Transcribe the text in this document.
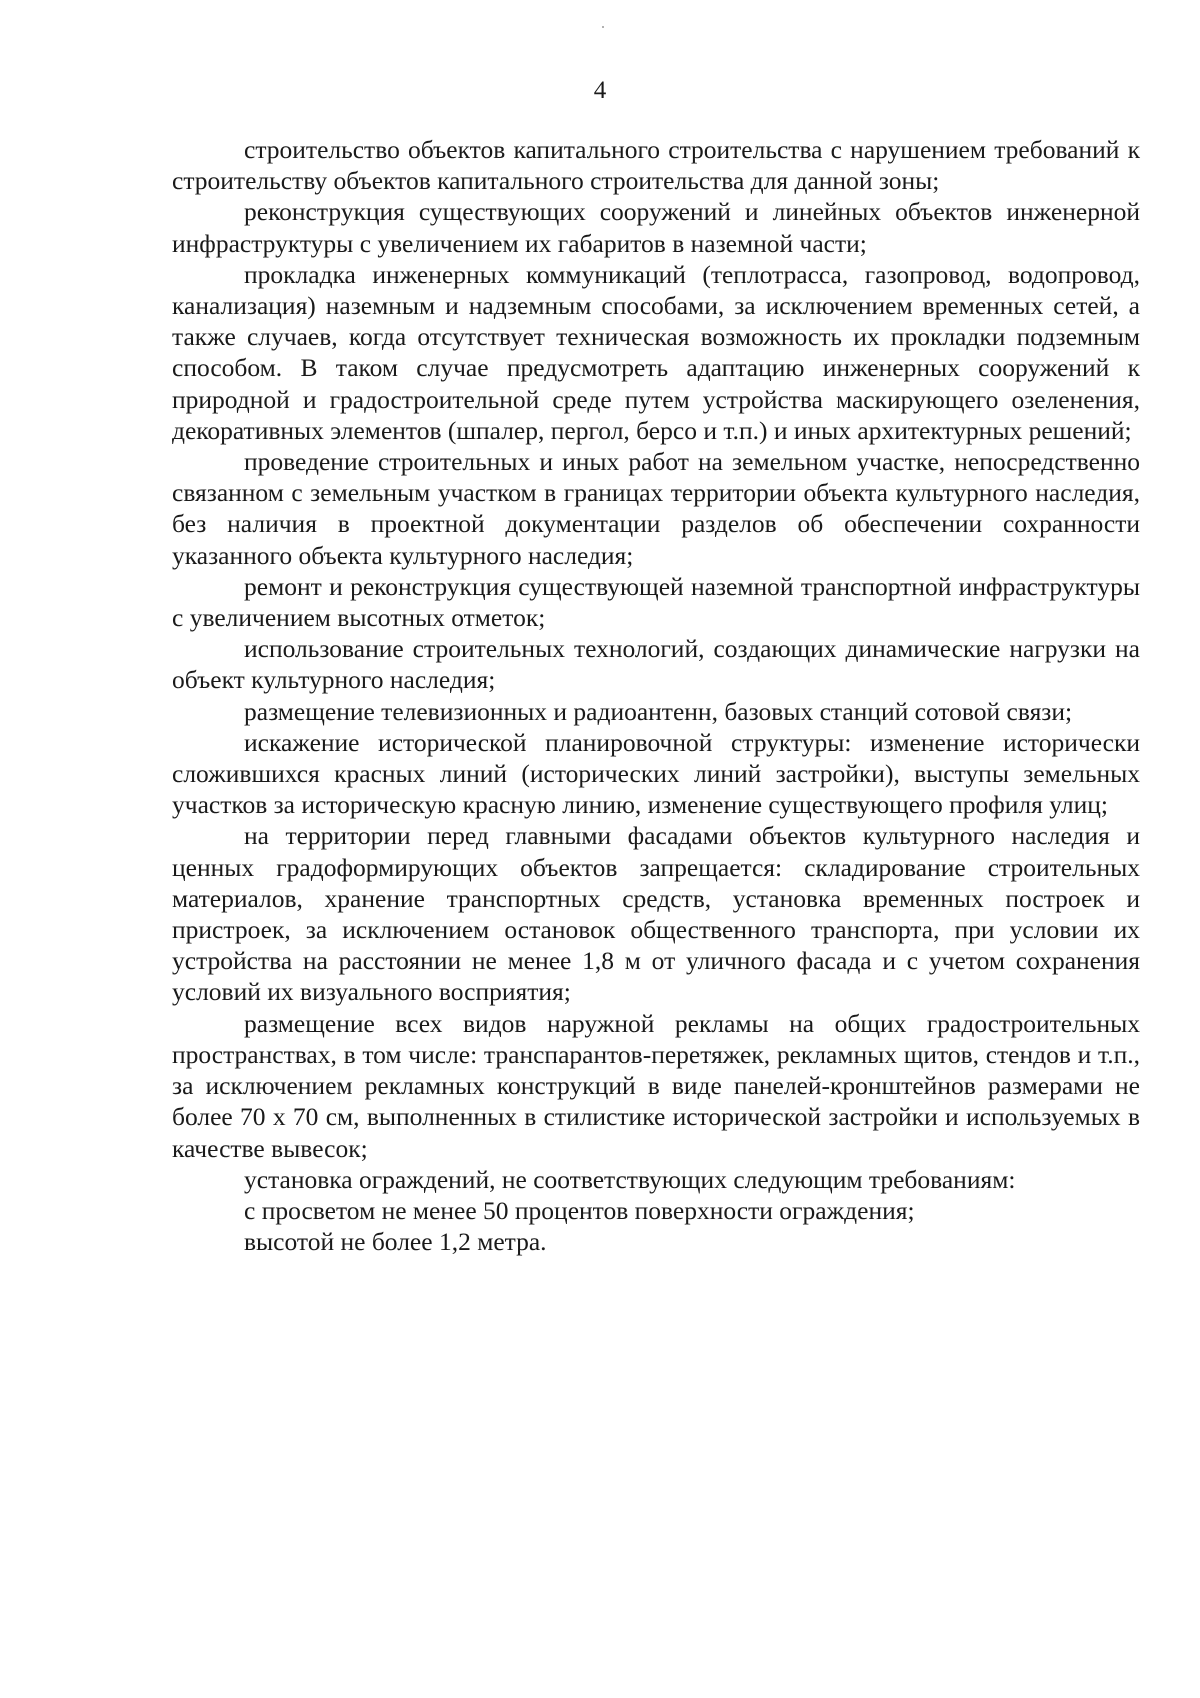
4

строительство объектов капитального строительства с нарушением требований к строительству объектов капитального строительства для данной зоны;

реконструкция существующих сооружений и линейных объектов инженерной инфраструктуры с увеличением их габаритов в наземной части;

прокладка инженерных коммуникаций (теплотрасса, газопровод, водопровод, канализация) наземным и надземным способами, за исключением временных сетей, а также случаев, когда отсутствует техническая возможность их прокладки подземным способом. В таком случае предусмотреть адаптацию инженерных сооружений к природной и градостроительной среде путем устройства маскирующего озеленения, декоративных элементов (шпалер, пергол, берсо и т.п.) и иных архитектурных решений;

проведение строительных и иных работ на земельном участке, непосредственно связанном с земельным участком в границах территории объекта культурного наследия, без наличия в проектной документации разделов об обеспечении сохранности указанного объекта культурного наследия;

ремонт и реконструкция существующей наземной транспортной инфраструктуры с увеличением высотных отметок;

использование строительных технологий, создающих динамические нагрузки на объект культурного наследия;

размещение телевизионных и радиоантенн, базовых станций сотовой связи;

искажение исторической планировочной структуры: изменение исторически сложившихся красных линий (исторических линий застройки), выступы земельных участков за историческую красную линию, изменение существующего профиля улиц;

на территории перед главными фасадами объектов культурного наследия и ценных градоформирующих объектов запрещается: складирование строительных материалов, хранение транспортных средств, установка временных построек и пристроек, за исключением остановок общественного транспорта, при условии их устройства на расстоянии не менее 1,8 м от уличного фасада и с учетом сохранения условий их визуального восприятия;

размещение всех видов наружной рекламы на общих градостроительных пространствах, в том числе: транспарантов-перетяжек, рекламных щитов, стендов и т.п., за исключением рекламных конструкций в виде панелей-кронштейнов размерами не более 70 х 70 см, выполненных в стилистике исторической застройки и используемых в качестве вывесок;

установка ограждений, не соответствующих следующим требованиям:

с просветом не менее 50 процентов поверхности ограждения;

высотой не более 1,2 метра.
